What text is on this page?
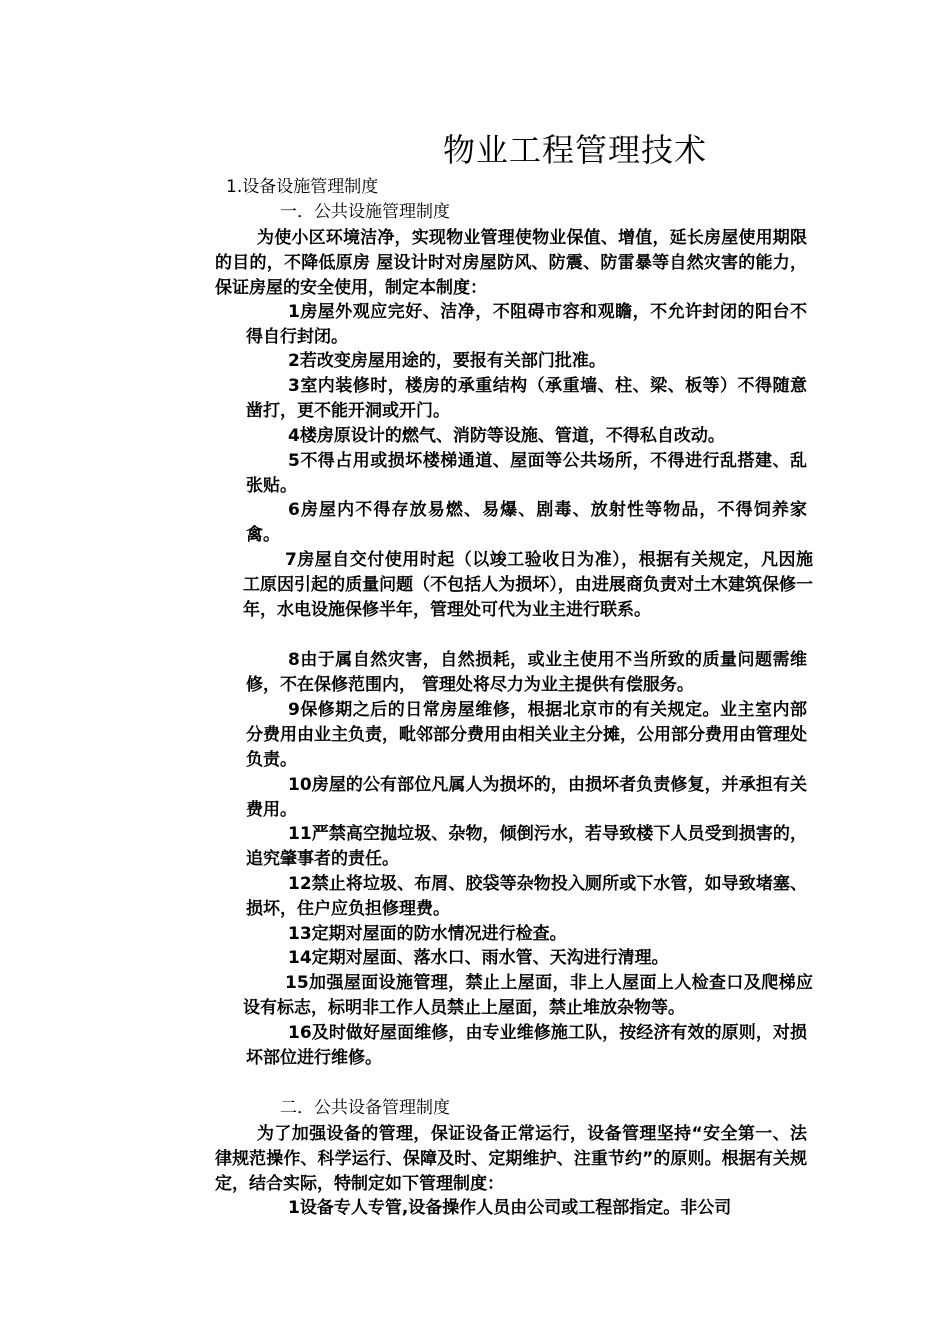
物业工程管理技术
1.设备设施管理制度
一．公共设施管理制度

为使小区环境洁净，实现物业管理使物业保值、增值，延长房屋使用期限的目的，不降低原房 屋设计时对房屋防风、防震、防雷暴等自然灾害的能力，保证房屋的安全使用，制定本制度：

1房屋外观应完好、洁净，不阻碍市容和观瞻，不允许封闭的阳台不得自行封闭。

2若改变房屋用途的，要报有关部门批准。

3室内装修时，楼房的承重结构（承重墙、柱、梁、板等）不得随意凿打，更不能开洞或开门。

4楼房原设计的燃气、消防等设施、管道，不得私自改动。

5不得占用或损坏楼梯通道、屋面等公共场所，不得进行乱搭建、乱张贴。

6房屋内不得存放易燃、易爆、剧毒、放射性等物品，不得饲养家禽。

7房屋自交付使用时起（以竣工验收日为准），根据有关规定，凡因施工原因引起的质量问题（不包括人为损坏），由进展商负责对土木建筑保修一年，水电设施保修半年，管理处可代为业主进行联系。

8由于属自然灾害，自然损耗，或业主使用不当所致的质量问题需维修，不在保修范围内， 管理处将尽力为业主提供有偿服务。

9保修期之后的日常房屋维修，根据北京市的有关规定。业主室内部分费用由业主负责，毗邻部分费用由相关业主分摊，公用部分费用由管理处负责。

10房屋的公有部位凡属人为损坏的，由损坏者负责修复，并承担有关费用。

11严禁高空抛垃圾、杂物，倾倒污水，若导致楼下人员受到损害的，追究肇事者的责任。

12禁止将垃圾、布屑、胶袋等杂物投入厕所或下水管，如导致堵塞、损坏，住户应负担修理费。

13定期对屋面的防水情况进行检查。

14定期对屋面、落水口、雨水管、天沟进行清理。

15加强屋面设施管理，禁止上屋面，非上人屋面上人检查口及爬梯应设有标志，标明非工作人员禁止上屋面，禁止堆放杂物等。

16及时做好屋面维修，由专业维修施工队，按经济有效的原则，对损坏部位进行维修。

二．公共设备管理制度

为了加强设备的管理，保证设备正常运行，设备管理坚持“安全第一、法律规范操作、科学运行、保障及时、定期维护、注重节约”的原则。根据有关规定，结合实际，特制定如下管理制度：

1设备专人专管,设备操作人员由公司或工程部指定。非公司
